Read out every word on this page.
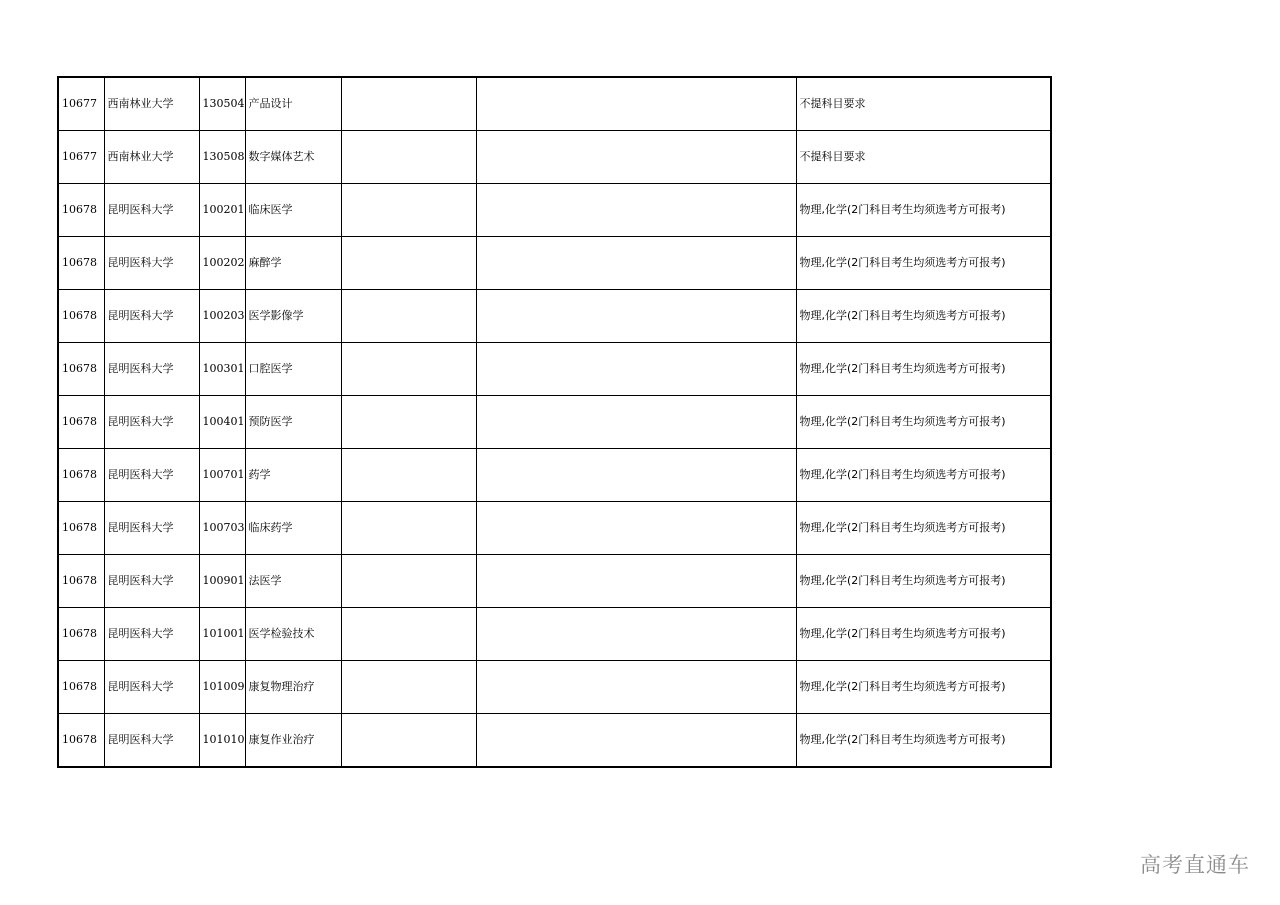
10677	西南林业大学	130504	产品设计			不提科目要求
10677	西南林业大学	130508	数字媒体艺术			不提科目要求
10678	昆明医科大学	100201	临床医学			物理,化学(2门科目考生均须选考方可报考)
10678	昆明医科大学	100202	麻醉学			物理,化学(2门科目考生均须选考方可报考)
10678	昆明医科大学	100203	医学影像学			物理,化学(2门科目考生均须选考方可报考)
10678	昆明医科大学	100301	口腔医学			物理,化学(2门科目考生均须选考方可报考)
10678	昆明医科大学	100401	预防医学			物理,化学(2门科目考生均须选考方可报考)
10678	昆明医科大学	100701	药学			物理,化学(2门科目考生均须选考方可报考)
10678	昆明医科大学	100703	临床药学			物理,化学(2门科目考生均须选考方可报考)
10678	昆明医科大学	100901	法医学			物理,化学(2门科目考生均须选考方可报考)
10678	昆明医科大学	101001	医学检验技术			物理,化学(2门科目考生均须选考方可报考)
10678	昆明医科大学	101009	康复物理治疗			物理,化学(2门科目考生均须选考方可报考)
10678	昆明医科大学	101010	康复作业治疗			物理,化学(2门科目考生均须选考方可报考)
高考直通车
